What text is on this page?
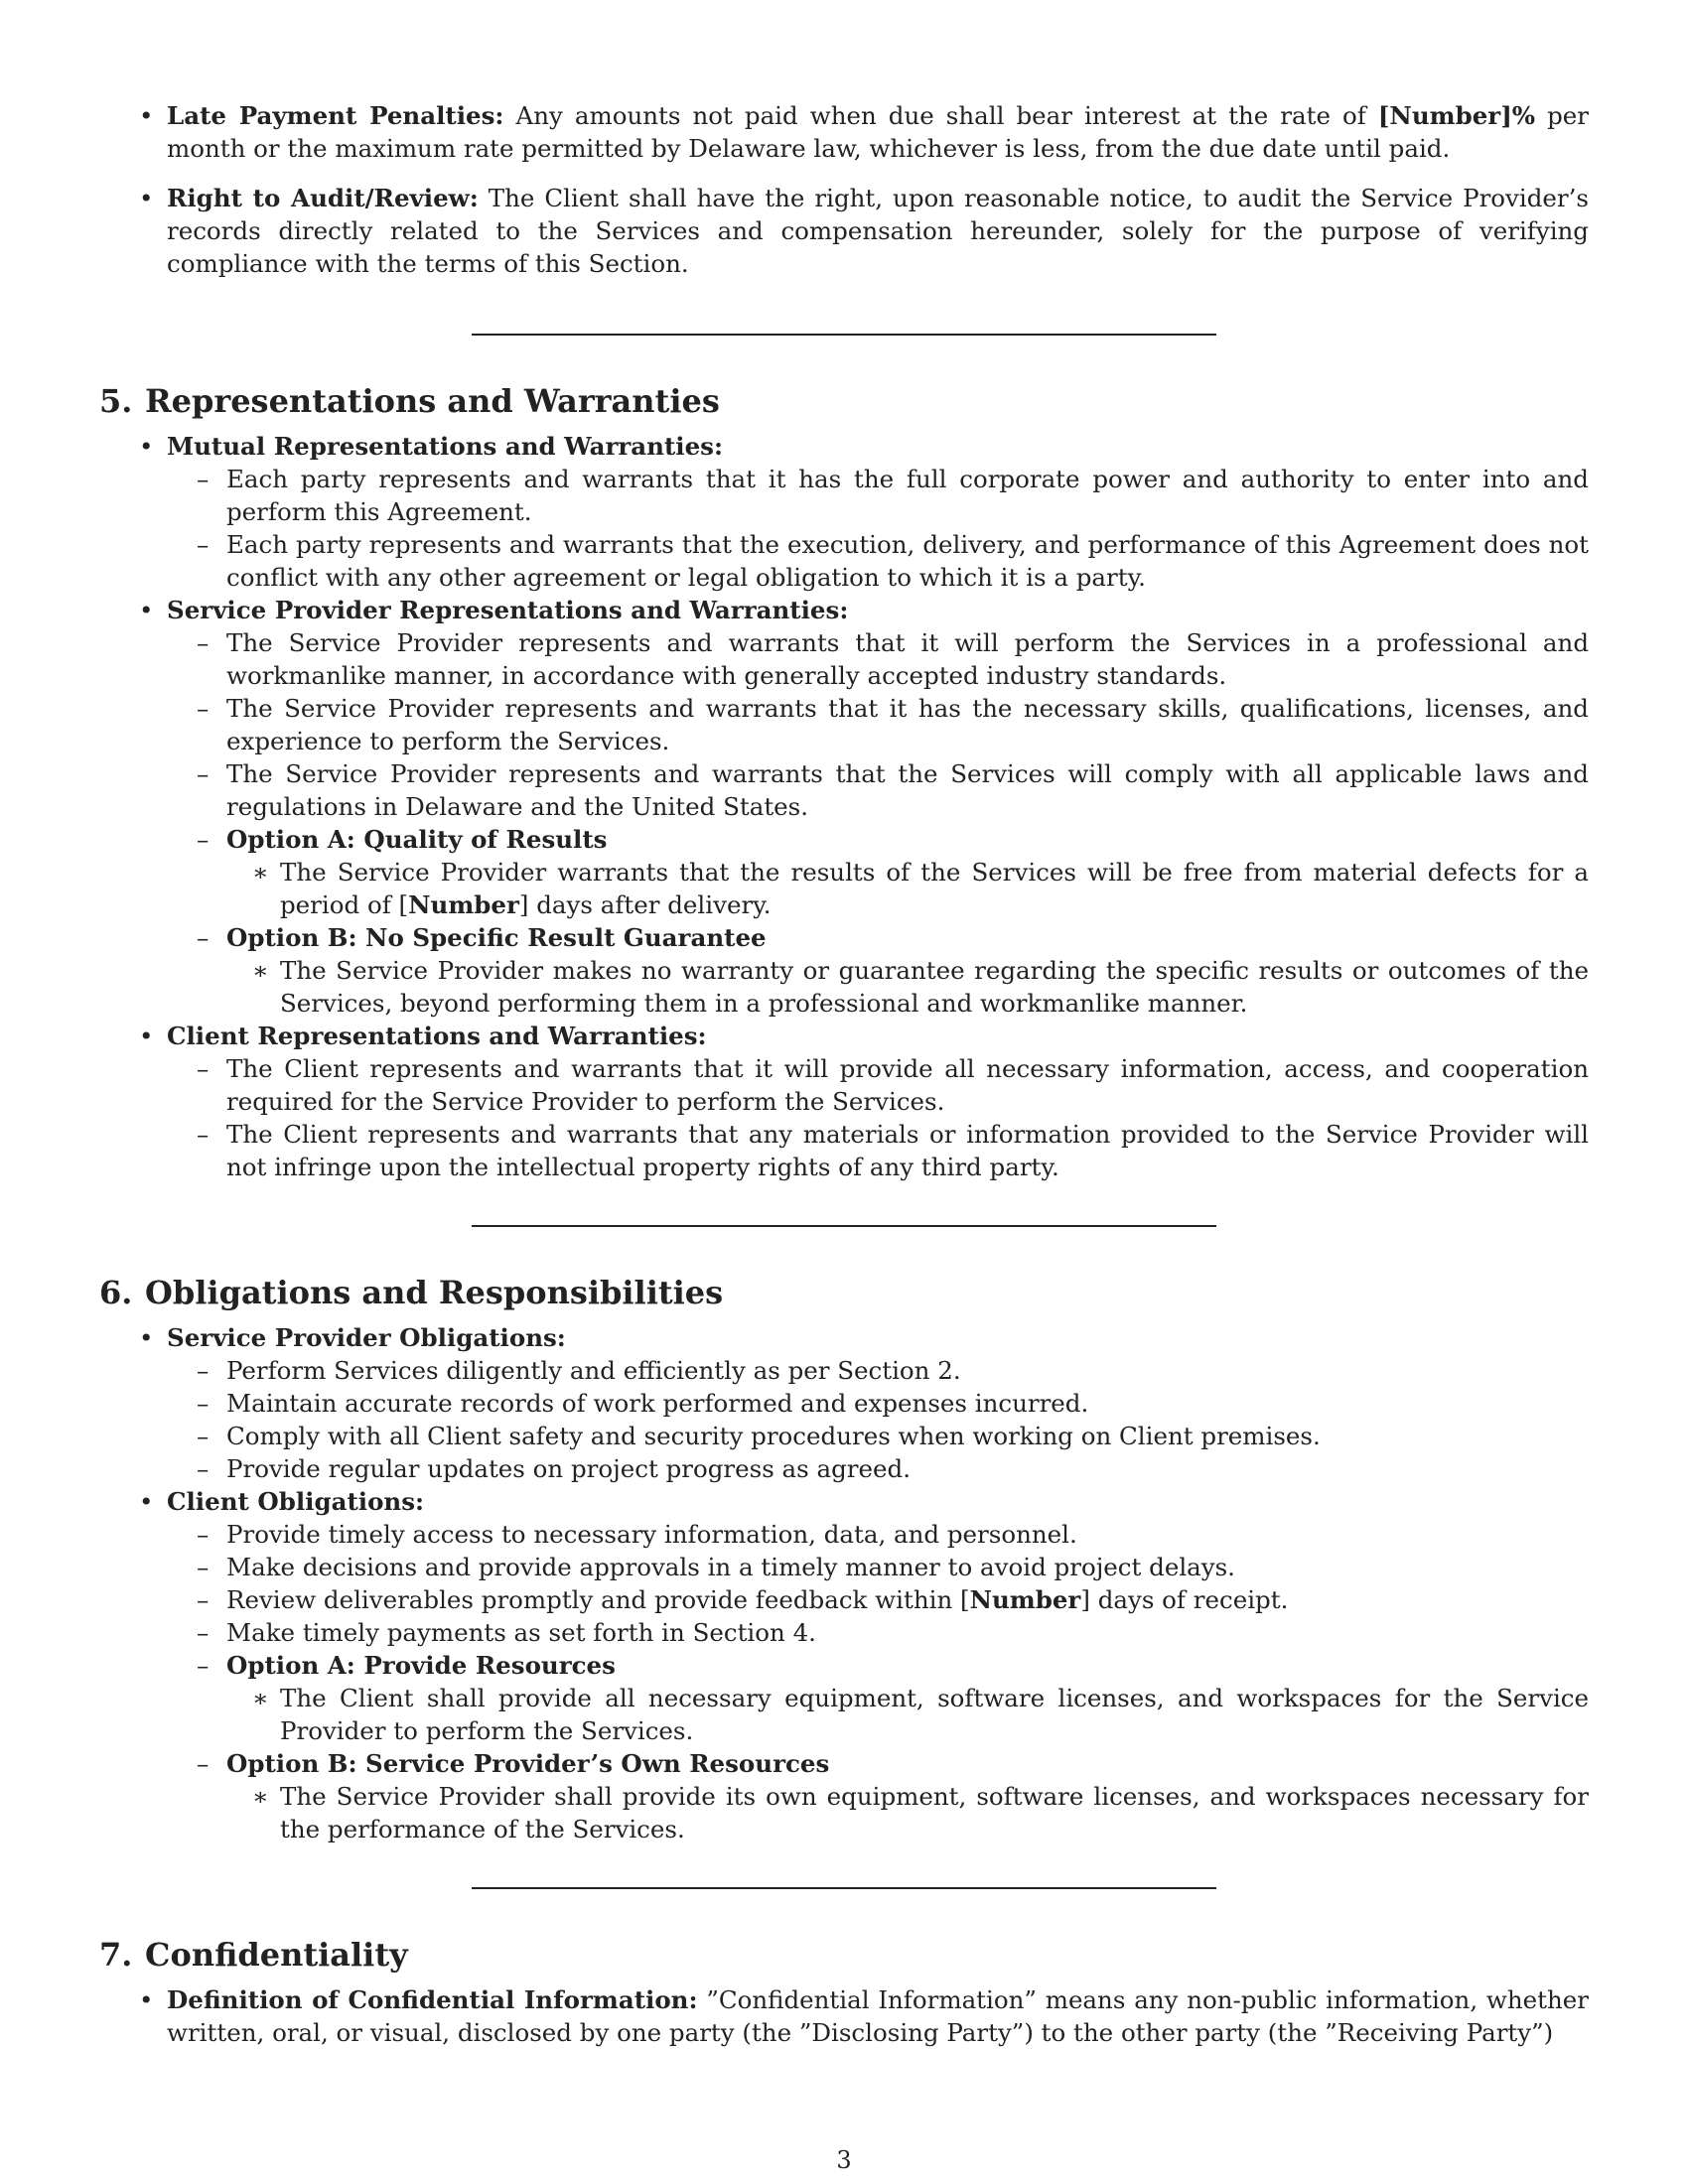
• Late Payment Penalties: Any amounts not paid when due shall bear interest at the rate of [Number]% per month or the maximum rate permitted by Delaware law, whichever is less, from the due date until paid.
• Right to Audit/Review: The Client shall have the right, upon reasonable notice, to audit the Service Provider’s records directly related to the Services and compensation hereunder, solely for the purpose of verifying compliance with the terms of this Section.
5. Representations and Warranties
• Mutual Representations and Warranties:
– Each party represents and warrants that it has the full corporate power and authority to enter into and perform this Agreement.
– Each party represents and warrants that the execution, delivery, and performance of this Agreement does not conflict with any other agreement or legal obligation to which it is a party.
• Service Provider Representations and Warranties:
– The Service Provider represents and warrants that it will perform the Services in a professional and workmanlike manner, in accordance with generally accepted industry standards.
– The Service Provider represents and warrants that it has the necessary skills, qualifications, licenses, and experience to perform the Services.
– The Service Provider represents and warrants that the Services will comply with all applicable laws and regulations in Delaware and the United States.
– Option A: Quality of Results
∗ The Service Provider warrants that the results of the Services will be free from material defects for a period of [Number] days after delivery.
– Option B: No Specific Result Guarantee
∗ The Service Provider makes no warranty or guarantee regarding the specific results or outcomes of the Services, beyond performing them in a professional and workmanlike manner.
• Client Representations and Warranties:
– The Client represents and warrants that it will provide all necessary information, access, and cooperation required for the Service Provider to perform the Services.
– The Client represents and warrants that any materials or information provided to the Service Provider will not infringe upon the intellectual property rights of any third party.
6. Obligations and Responsibilities
• Service Provider Obligations:
– Perform Services diligently and efficiently as per Section 2.
– Maintain accurate records of work performed and expenses incurred.
– Comply with all Client safety and security procedures when working on Client premises.
– Provide regular updates on project progress as agreed.
• Client Obligations:
– Provide timely access to necessary information, data, and personnel.
– Make decisions and provide approvals in a timely manner to avoid project delays.
– Review deliverables promptly and provide feedback within [Number] days of receipt.
– Make timely payments as set forth in Section 4.
– Option A: Provide Resources
∗ The Client shall provide all necessary equipment, software licenses, and workspaces for the Service Provider to perform the Services.
– Option B: Service Provider’s Own Resources
∗ The Service Provider shall provide its own equipment, software licenses, and workspaces necessary for the performance of the Services.
7. Confidentiality
• Definition of Confidential Information: ”Confidential Information” means any non-public information, whether written, oral, or visual, disclosed by one party (the ”Disclosing Party”) to the other party (the ”Receiving Party”)
3
